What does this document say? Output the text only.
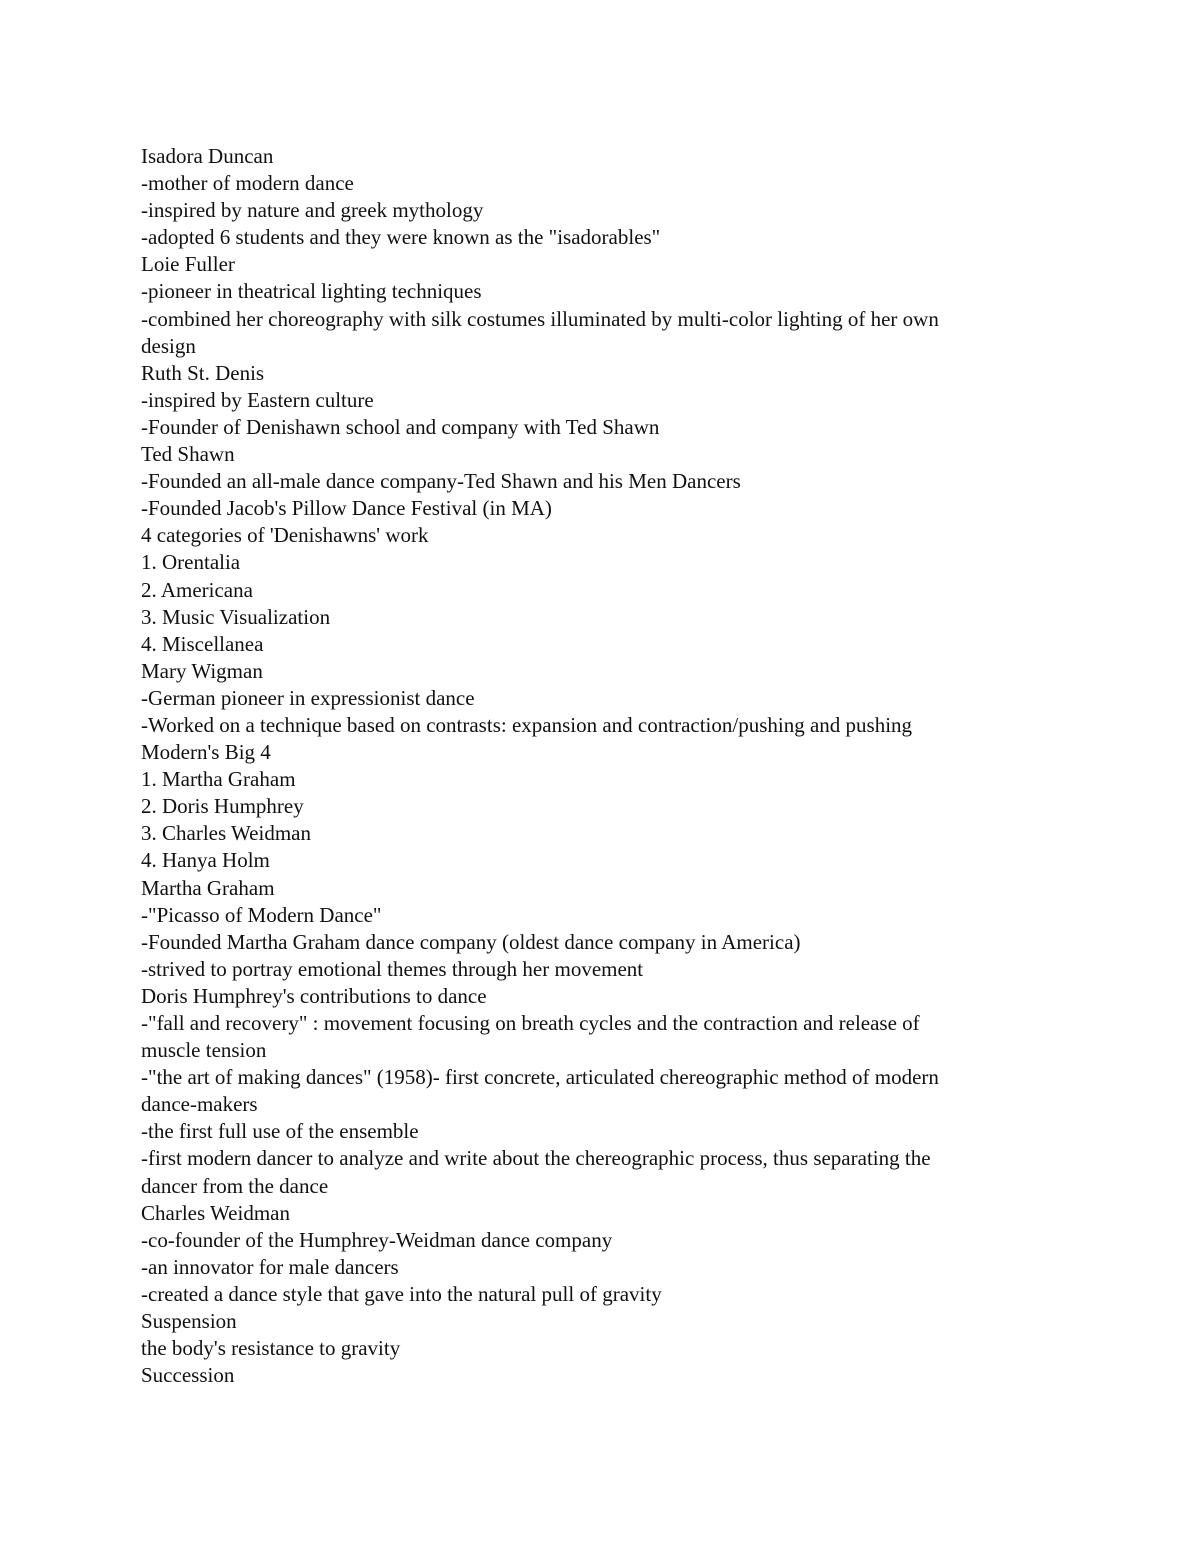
Isadora Duncan
-mother of modern dance
-inspired by nature and greek mythology
-adopted 6 students and they were known as the "isadorables"
Loie Fuller
-pioneer in theatrical lighting techniques
-combined her choreography with silk costumes illuminated by multi-color lighting of her own
design
Ruth St. Denis
-inspired by Eastern culture
-Founder of Denishawn school and company with Ted Shawn
Ted Shawn
-Founded an all-male dance company-Ted Shawn and his Men Dancers
-Founded Jacob's Pillow Dance Festival (in MA)
4 categories of 'Denishawns' work
1. Orentalia
2. Americana
3. Music Visualization
4. Miscellanea
Mary Wigman
-German pioneer in expressionist dance
-Worked on a technique based on contrasts: expansion and contraction/pushing and pushing
Modern's Big 4
1. Martha Graham
2. Doris Humphrey
3. Charles Weidman
4. Hanya Holm
Martha Graham
-"Picasso of Modern Dance"
-Founded Martha Graham dance company (oldest dance company in America)
-strived to portray emotional themes through her movement
Doris Humphrey's contributions to dance
-"fall and recovery" : movement focusing on breath cycles and the contraction and release of
muscle tension
-"the art of making dances" (1958)- first concrete, articulated chereographic method of modern
dance-makers
-the first full use of the ensemble
-first modern dancer to analyze and write about the chereographic process, thus separating the
dancer from the dance
Charles Weidman
-co-founder of the Humphrey-Weidman dance company
-an innovator for male dancers
-created a dance style that gave into the natural pull of gravity
Suspension
the body's resistance to gravity
Succession
